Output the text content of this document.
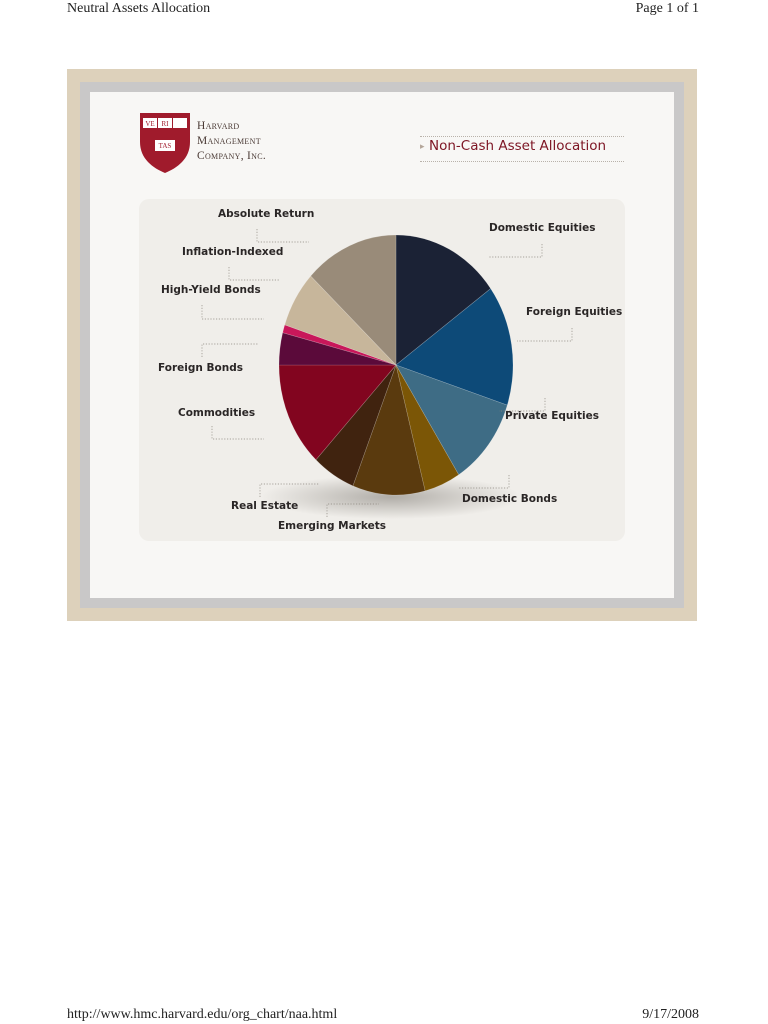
Neutral Assets Allocation	Page 1 of 1
VE RI
TAS
Harvard
Management
Company, Inc.
▸ Non-Cash Asset Allocation
Domestic Equities
Foreign Equities
Private Equities
Domestic Bonds
Emerging Markets
Real Estate
Commodities
Foreign Bonds
High-Yield Bonds
Inflation-Indexed
Absolute Return
http://www.hmc.harvard.edu/org_chart/naa.html	9/17/2008
